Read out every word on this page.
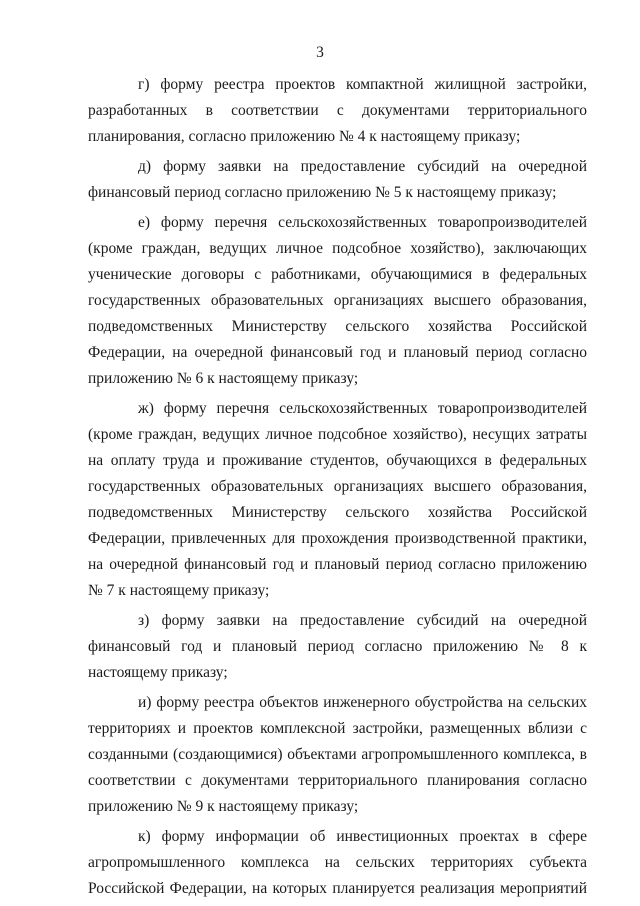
3

г) форму реестра проектов компактной жилищной застройки, разработанных в соответствии с документами территориального планирования, согласно приложению № 4 к настоящему приказу;

д) форму заявки на предоставление субсидий на очередной финансовый период согласно приложению № 5 к настоящему приказу;

е) форму перечня сельскохозяйственных товаропроизводителей (кроме граждан, ведущих личное подсобное хозяйство), заключающих ученические договоры с работниками, обучающимися в федеральных государственных образовательных организациях высшего образования, подведомственных Министерству сельского хозяйства Российской Федерации, на очередной финансовый год и плановый период согласно приложению № 6 к настоящему приказу;

ж) форму перечня сельскохозяйственных товаропроизводителей (кроме граждан, ведущих личное подсобное хозяйство), несущих затраты на оплату труда и проживание студентов, обучающихся в федеральных государственных образовательных организациях высшего образования, подведомственных Министерству сельского хозяйства Российской Федерации, привлеченных для прохождения производственной практики, на очередной финансовый год и плановый период согласно приложению № 7 к настоящему приказу;

з) форму заявки на предоставление субсидий на очередной финансовый год и плановый период согласно приложению № 8 к настоящему приказу;

и) форму реестра объектов инженерного обустройства на сельских территориях и проектов комплексной застройки, размещенных вблизи с созданными (создающимися) объектами агропромышленного комплекса, в соответствии с документами территориального планирования согласно приложению № 9 к настоящему приказу;

к) форму информации об инвестиционных проектах в сфере агропромышленного комплекса на сельских территориях субъекта Российской Федерации, на которых планируется реализация мероприятий
